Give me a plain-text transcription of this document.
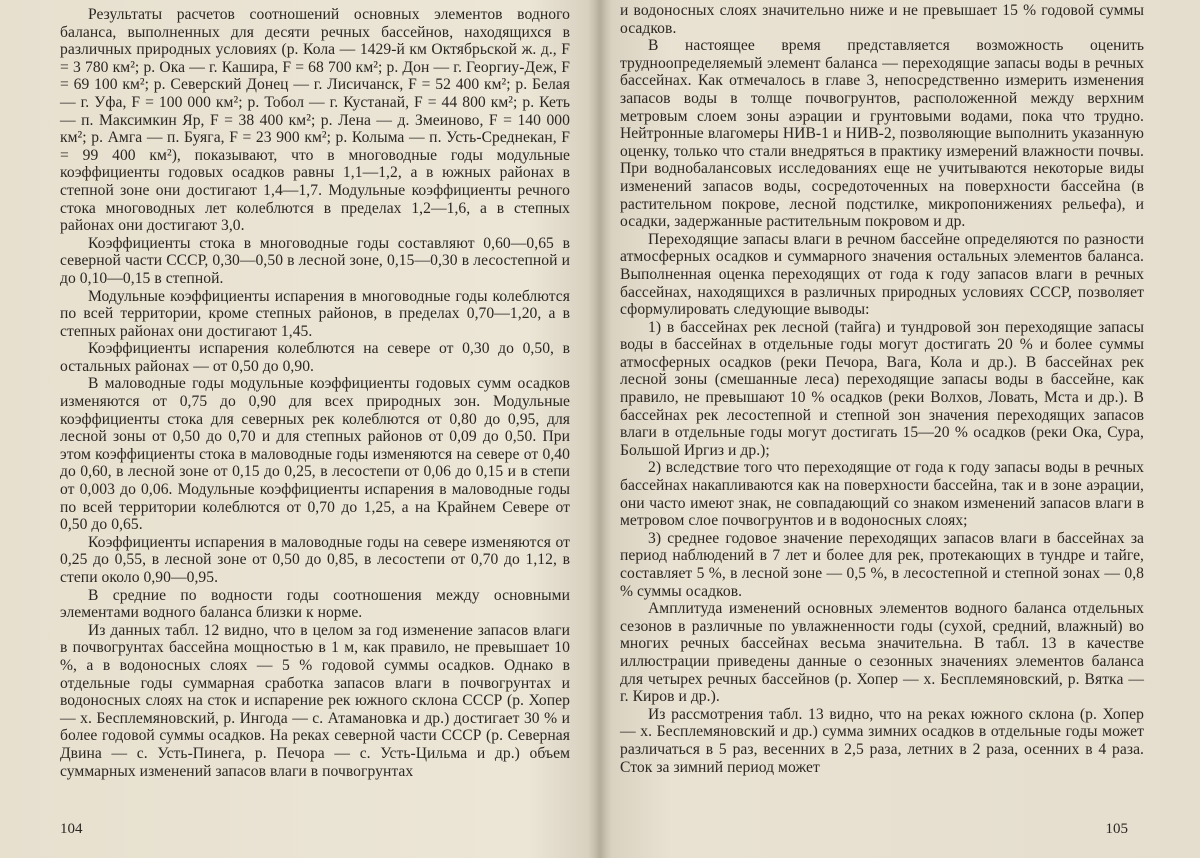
Результаты расчетов соотношений основных элементов водного баланса, выполненных для десяти речных бассейнов, находящихся в различных природных условиях (р. Кола — 1429-й км Октябрьской ж. д., F = 3 780 км²; р. Ока — г. Кашира, F = 68 700 км²; р. Дон — г. Георгиу-Деж, F = 69 100 км²; р. Северский Донец — г. Лисичанск, F = 52 400 км²; р. Белая — г. Уфа, F = 100 000 км²; р. Тобол — г. Кустанай, F = 44 800 км²; р. Кеть — п. Максимкин Яр, F = 38 400 км²; р. Лена — д. Змеиново, F = 140 000 км²; р. Амга — п. Буяга, F = 23 900 км²; р. Колыма — п. Усть-Среднекан, F = 99 400 км²), показывают, что в многоводные годы модульные коэффициенты годовых осадков равны 1,1—1,2, а в южных районах в степной зоне они достигают 1,4—1,7. Модульные коэффициенты речного стока многоводных лет колеблются в пределах 1,2—1,6, а в степных районах они достигают 3,0.

Коэффициенты стока в многоводные годы составляют 0,60—0,65 в северной части СССР, 0,30—0,50 в лесной зоне, 0,15—0,30 в лесостепной и до 0,10—0,15 в степной.

Модульные коэффициенты испарения в многоводные годы колеблются по всей территории, кроме степных районов, в пределах 0,70—1,20, а в степных районах они достигают 1,45.

Коэффициенты испарения колеблются на севере от 0,30 до 0,50, в остальных районах — от 0,50 до 0,90.

В маловодные годы модульные коэффициенты годовых сумм осадков изменяются от 0,75 до 0,90 для всех природных зон. Модульные коэффициенты стока для северных рек колеблются от 0,80 до 0,95, для лесной зоны от 0,50 до 0,70 и для степных районов от 0,09 до 0,50. При этом коэффициенты стока в маловодные годы изменяются на севере от 0,40 до 0,60, в лесной зоне от 0,15 до 0,25, в лесостепи от 0,06 до 0,15 и в степи от 0,003 до 0,06. Модульные коэффициенты испарения в маловодные годы по всей территории колеблются от 0,70 до 1,25, а на Крайнем Севере от 0,50 до 0,65.

Коэффициенты испарения в маловодные годы на севере изменяются от 0,25 до 0,55, в лесной зоне от 0,50 до 0,85, в лесостепи от 0,70 до 1,12, в степи около 0,90—0,95.

В средние по водности годы соотношения между основными элементами водного баланса близки к норме.

Из данных табл. 12 видно, что в целом за год изменение запасов влаги в почвогрунтах бассейна мощностью в 1 м, как правило, не превышает 10 %, а в водоносных слоях — 5 % годовой суммы осадков. Однако в отдельные годы суммарная сработка запасов влаги в почвогрунтах и водоносных слоях на сток и испарение рек южного склона СССР (р. Хопер — х. Бесплемяновский, р. Ингода — с. Атамановка и др.) достигает 30 % и более годовой суммы осадков. На реках северной части СССР (р. Северная Двина — с. Усть-Пинега, р. Печора — с. Усть-Цильма и др.) объем суммарных изменений запасов влаги в почвогрунтах

104

и водоносных слоях значительно ниже и не превышает 15 % годовой суммы осадков.

В настоящее время представляется возможность оценить трудноопределяемый элемент баланса — переходящие запасы воды в речных бассейнах. Как отмечалось в главе 3, непосредственно измерить изменения запасов воды в толще почвогрунтов, расположенной между верхним метровым слоем зоны аэрации и грунтовыми водами, пока что трудно. Нейтронные влагомеры НИВ-1 и НИВ-2, позволяющие выполнить указанную оценку, только что стали внедряться в практику измерений влажности почвы. При воднобалансовых исследованиях еще не учитываются некоторые виды изменений запасов воды, сосредоточенных на поверхности бассейна (в растительном покрове, лесной подстилке, микропонижениях рельефа), и осадки, задержанные растительным покровом и др.

Переходящие запасы влаги в речном бассейне определяются по разности атмосферных осадков и суммарного значения остальных элементов баланса. Выполненная оценка переходящих от года к году запасов влаги в речных бассейнах, находящихся в различных природных условиях СССР, позволяет сформулировать следующие выводы:

1) в бассейнах рек лесной (тайга) и тундровой зон переходящие запасы воды в бассейнах в отдельные годы могут достигать 20 % и более суммы атмосферных осадков (реки Печора, Вага, Кола и др.). В бассейнах рек лесной зоны (смешанные леса) переходящие запасы воды в бассейне, как правило, не превышают 10 % осадков (реки Волхов, Ловать, Мста и др.). В бассейнах рек лесостепной и степной зон значения переходящих запасов влаги в отдельные годы могут достигать 15—20 % осадков (реки Ока, Сура, Большой Иргиз и др.);

2) вследствие того что переходящие от года к году запасы воды в речных бассейнах накапливаются как на поверхности бассейна, так и в зоне аэрации, они часто имеют знак, не совпадающий со знаком изменений запасов влаги в метровом слое почвогрунтов и в водоносных слоях;

3) среднее годовое значение переходящих запасов влаги в бассейнах за период наблюдений в 7 лет и более для рек, протекающих в тундре и тайге, составляет 5 %, в лесной зоне — 0,5 %, в лесостепной и степной зонах — 0,8 % суммы осадков.

Амплитуда изменений основных элементов водного баланса отдельных сезонов в различные по увлажненности годы (сухой, средний, влажный) во многих речных бассейнах весьма значительна. В табл. 13 в качестве иллюстрации приведены данные о сезонных значениях элементов баланса для четырех речных бассейнов (р. Хопер — х. Бесплемяновский, р. Вятка — г. Киров и др.).

Из рассмотрения табл. 13 видно, что на реках южного склона (р. Хопер — х. Бесплемяновский и др.) сумма зимних осадков в отдельные годы может различаться в 5 раз, весенних в 2,5 раза, летних в 2 раза, осенних в 4 раза. Сток за зимний период может

105
